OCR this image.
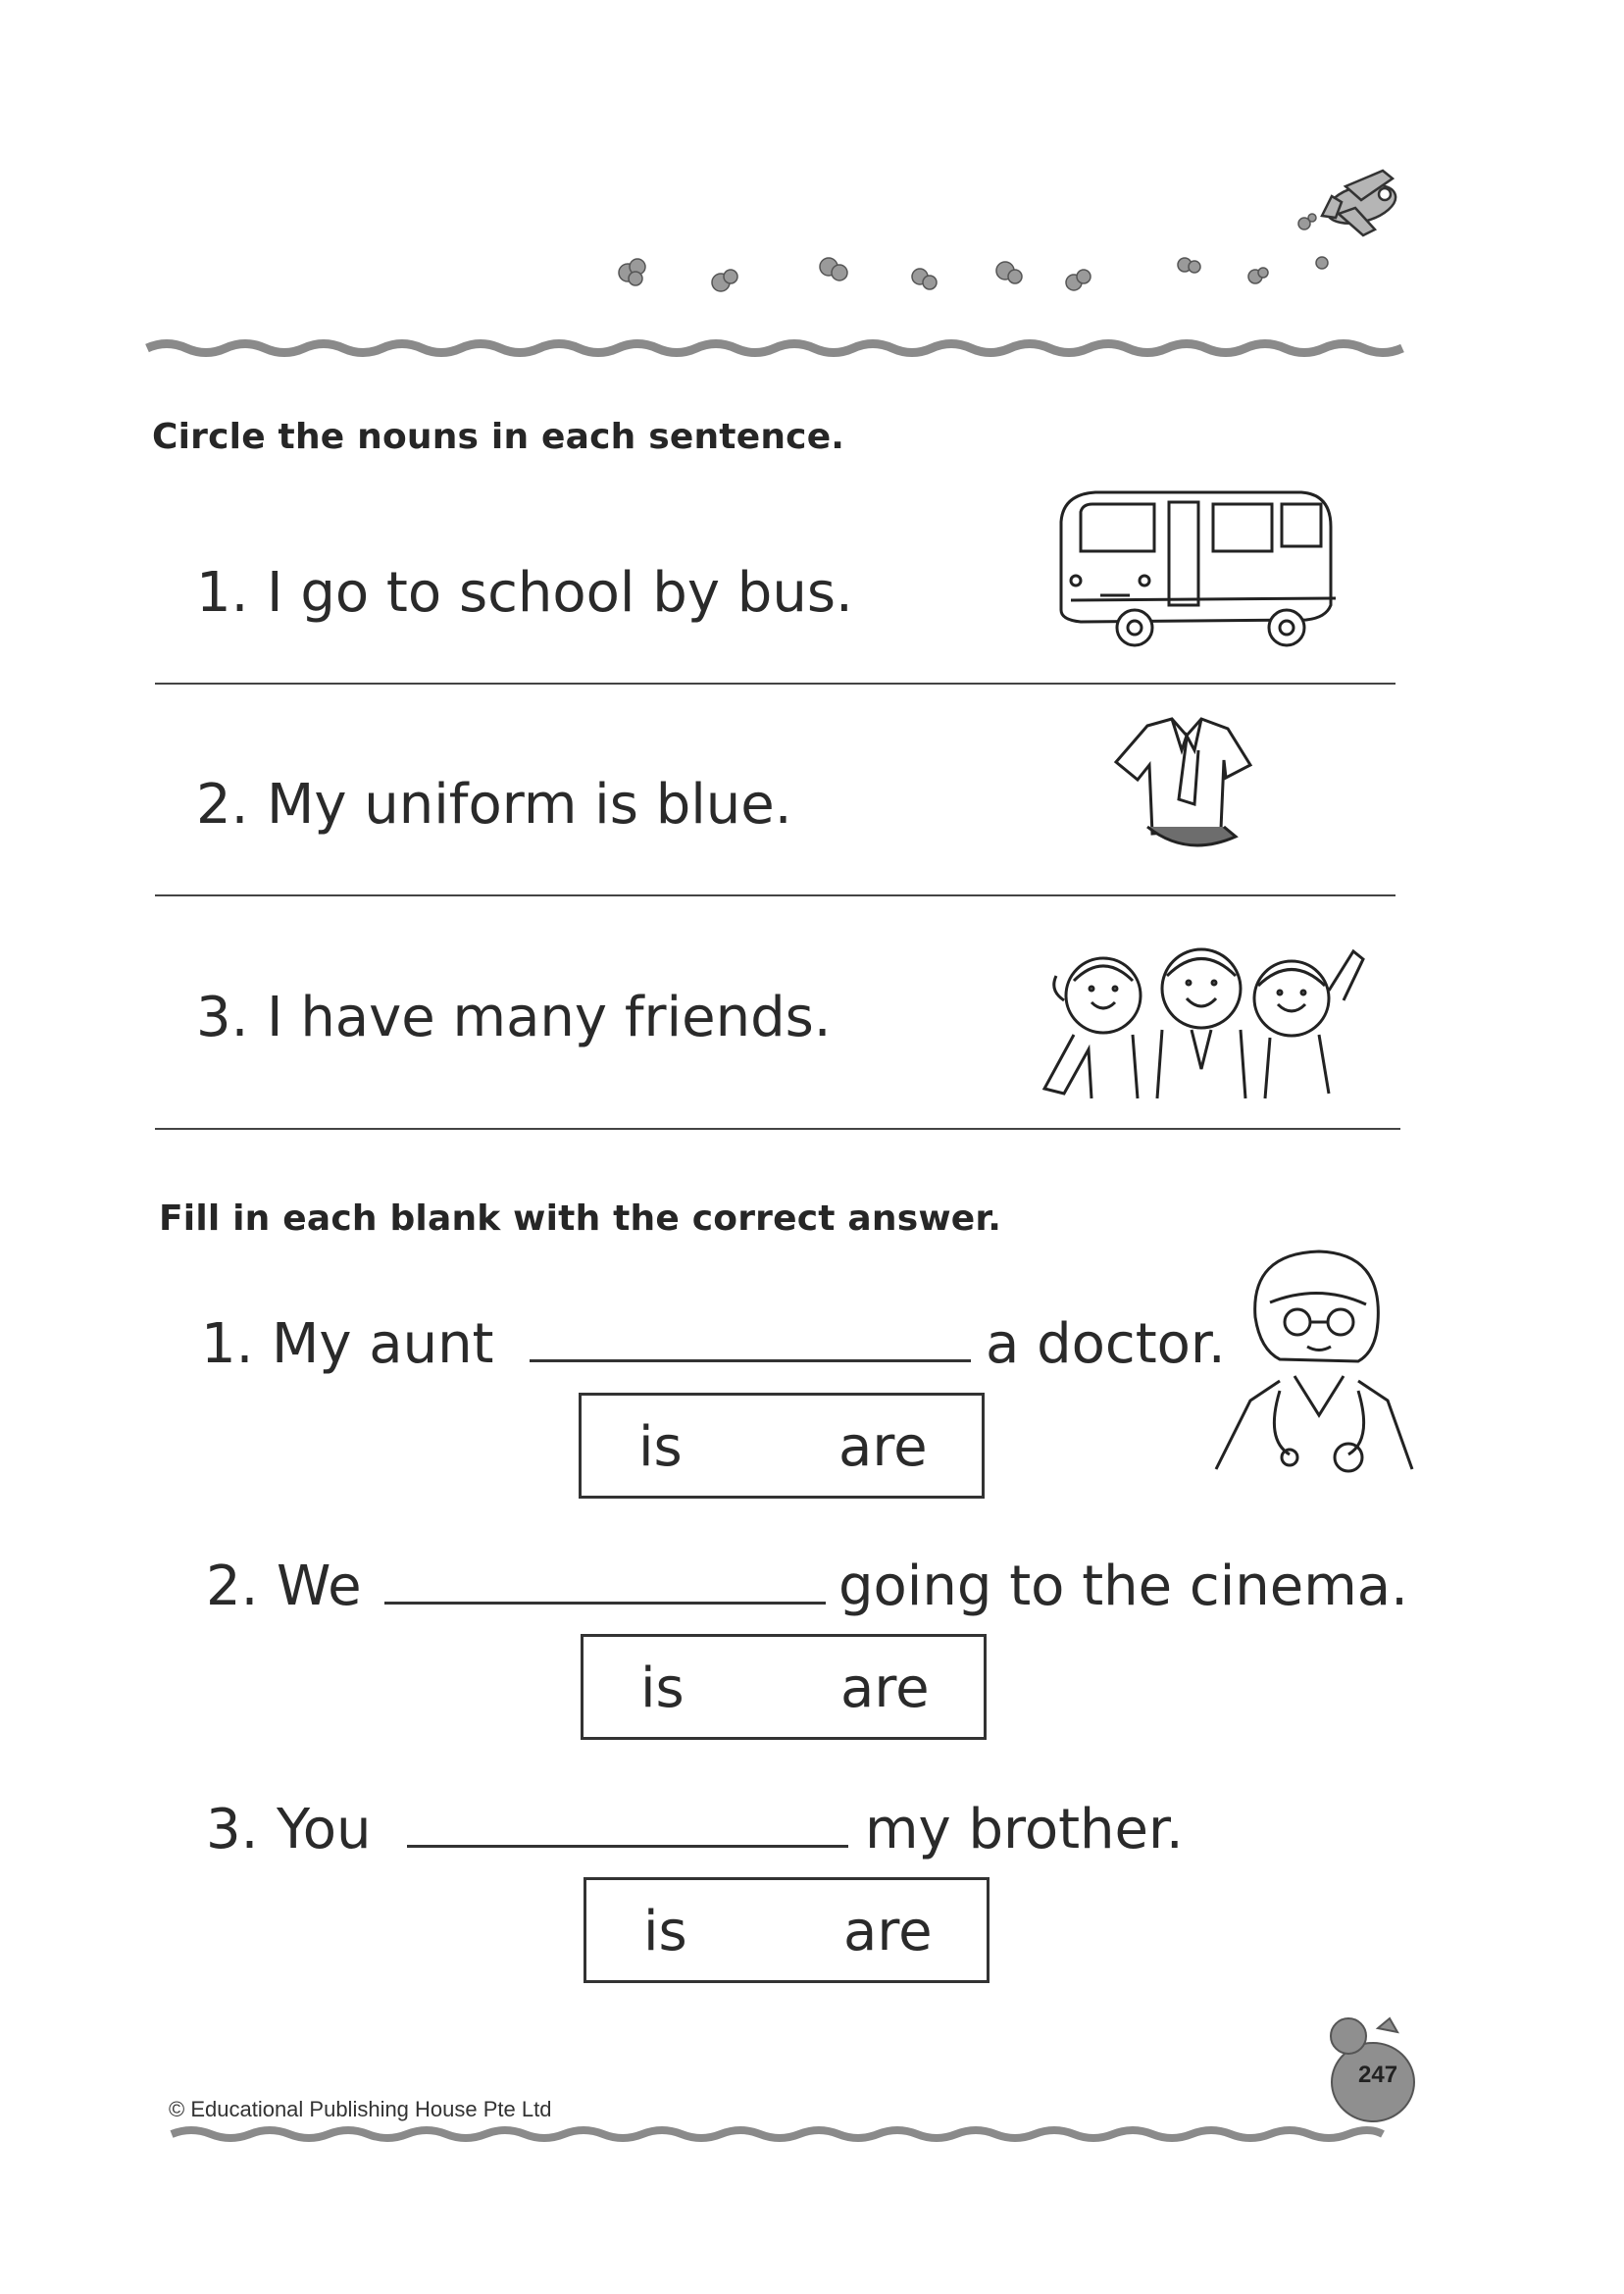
Circle the nouns in each sentence.
1. I go to school by bus.
2. My uniform is blue.
3. I have many friends.
Fill in each blank with the correct answer.
1. My aunt	a doctor.
is	are
2. We	going to the cinema.
is	are
3. You	my brother.
is	are
© Educational Publishing House Pte Ltd
247
